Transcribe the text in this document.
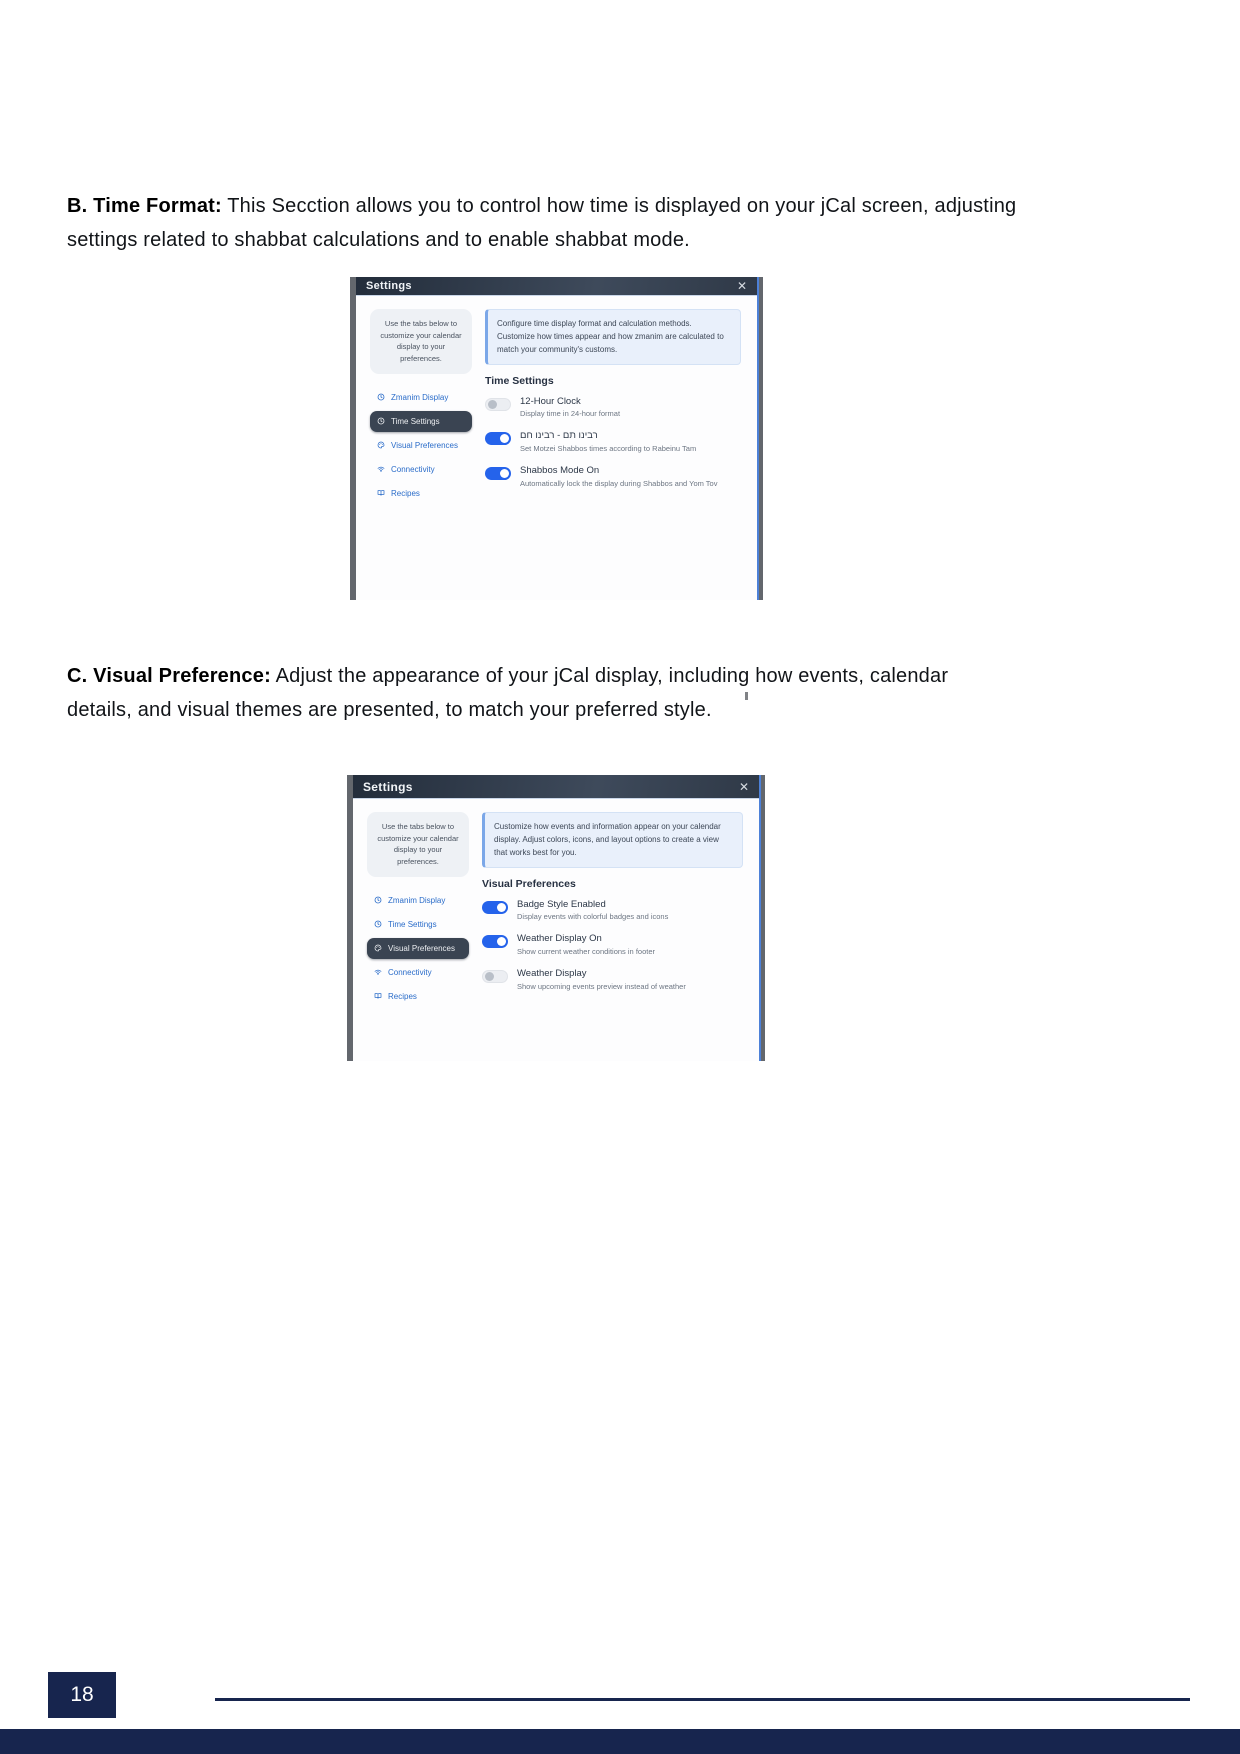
B. Time Format: This Secction allows you to control how time is displayed on your jCal screen, adjusting settings related to shabbat calculations and to enable shabbat mode.

Settings	✕
Use the tabs below to customize your calendar display to your preferences.
Zmanim Display
Time Settings
Visual Preferences
Connectivity
Recipes
Configure time display format and calculation methods. Customize how times appear and how zmanim are calculated to match your community's customs.
Time Settings
12-Hour Clock
Display time in 24-hour format
רבינו תם - רבינו חם
Set Motzei Shabbos times according to Rabeinu Tam
Shabbos Mode On
Automatically lock the display during Shabbos and Yom Tov

C. Visual Preference: Adjust the appearance of your jCal display, including how events, calendar details, and visual themes are presented, to match your preferred style.

Settings	✕
Use the tabs below to customize your calendar display to your preferences.
Zmanim Display
Time Settings
Visual Preferences
Connectivity
Recipes
Customize how events and information appear on your calendar display. Adjust colors, icons, and layout options to create a view that works best for you.
Visual Preferences
Badge Style Enabled
Display events with colorful badges and icons
Weather Display On
Show current weather conditions in footer
Weather Display
Show upcoming events preview instead of weather
18
